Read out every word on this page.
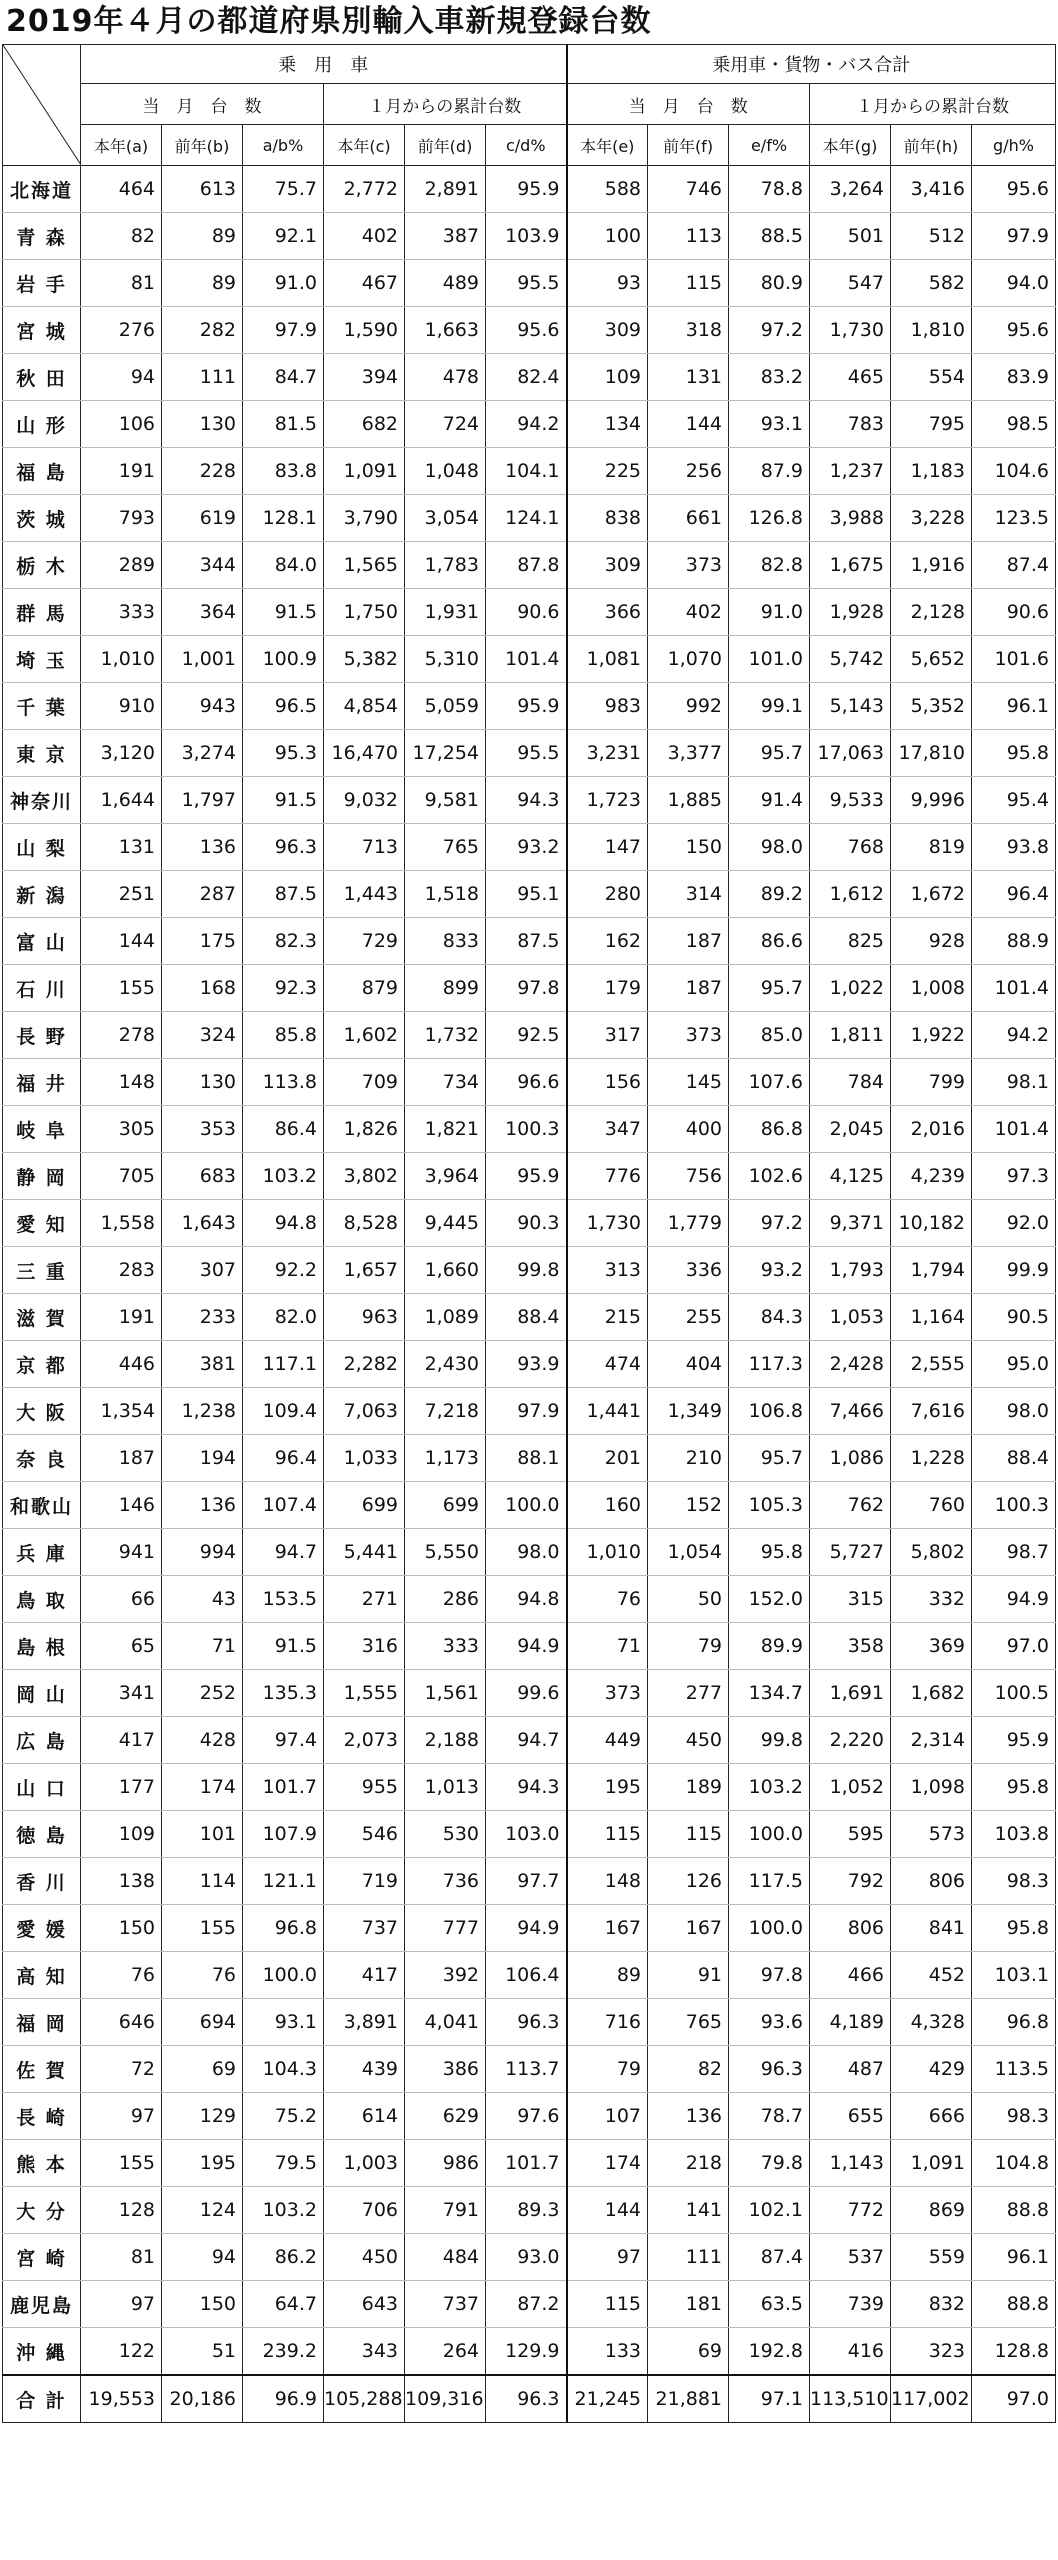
2019年４月の都道府県別輸入車新規登録台数
	乗　用　車						乗用車・貨物・バス合計					
	当　月　台　数			１月からの累計台数			当　月　台　数			１月からの累計台数		
	本年(a)	前年(b)	a/b%	本年(c)	前年(d)	c/d%	本年(e)	前年(f)	e/f%	本年(g)	前年(h)	g/h%
北海道	464	613	75.7	2,772	2,891	95.9	588	746	78.8	3,264	3,416	95.6
青 森	82	89	92.1	402	387	103.9	100	113	88.5	501	512	97.9
岩 手	81	89	91.0	467	489	95.5	93	115	80.9	547	582	94.0
宮 城	276	282	97.9	1,590	1,663	95.6	309	318	97.2	1,730	1,810	95.6
秋 田	94	111	84.7	394	478	82.4	109	131	83.2	465	554	83.9
山 形	106	130	81.5	682	724	94.2	134	144	93.1	783	795	98.5
福 島	191	228	83.8	1,091	1,048	104.1	225	256	87.9	1,237	1,183	104.6
茨 城	793	619	128.1	3,790	3,054	124.1	838	661	126.8	3,988	3,228	123.5
栃 木	289	344	84.0	1,565	1,783	87.8	309	373	82.8	1,675	1,916	87.4
群 馬	333	364	91.5	1,750	1,931	90.6	366	402	91.0	1,928	2,128	90.6
埼 玉	1,010	1,001	100.9	5,382	5,310	101.4	1,081	1,070	101.0	5,742	5,652	101.6
千 葉	910	943	96.5	4,854	5,059	95.9	983	992	99.1	5,143	5,352	96.1
東 京	3,120	3,274	95.3	16,470	17,254	95.5	3,231	3,377	95.7	17,063	17,810	95.8
神奈川	1,644	1,797	91.5	9,032	9,581	94.3	1,723	1,885	91.4	9,533	9,996	95.4
山 梨	131	136	96.3	713	765	93.2	147	150	98.0	768	819	93.8
新 潟	251	287	87.5	1,443	1,518	95.1	280	314	89.2	1,612	1,672	96.4
富 山	144	175	82.3	729	833	87.5	162	187	86.6	825	928	88.9
石 川	155	168	92.3	879	899	97.8	179	187	95.7	1,022	1,008	101.4
長 野	278	324	85.8	1,602	1,732	92.5	317	373	85.0	1,811	1,922	94.2
福 井	148	130	113.8	709	734	96.6	156	145	107.6	784	799	98.1
岐 阜	305	353	86.4	1,826	1,821	100.3	347	400	86.8	2,045	2,016	101.4
静 岡	705	683	103.2	3,802	3,964	95.9	776	756	102.6	4,125	4,239	97.3
愛 知	1,558	1,643	94.8	8,528	9,445	90.3	1,730	1,779	97.2	9,371	10,182	92.0
三 重	283	307	92.2	1,657	1,660	99.8	313	336	93.2	1,793	1,794	99.9
滋 賀	191	233	82.0	963	1,089	88.4	215	255	84.3	1,053	1,164	90.5
京 都	446	381	117.1	2,282	2,430	93.9	474	404	117.3	2,428	2,555	95.0
大 阪	1,354	1,238	109.4	7,063	7,218	97.9	1,441	1,349	106.8	7,466	7,616	98.0
奈 良	187	194	96.4	1,033	1,173	88.1	201	210	95.7	1,086	1,228	88.4
和歌山	146	136	107.4	699	699	100.0	160	152	105.3	762	760	100.3
兵 庫	941	994	94.7	5,441	5,550	98.0	1,010	1,054	95.8	5,727	5,802	98.7
鳥 取	66	43	153.5	271	286	94.8	76	50	152.0	315	332	94.9
島 根	65	71	91.5	316	333	94.9	71	79	89.9	358	369	97.0
岡 山	341	252	135.3	1,555	1,561	99.6	373	277	134.7	1,691	1,682	100.5
広 島	417	428	97.4	2,073	2,188	94.7	449	450	99.8	2,220	2,314	95.9
山 口	177	174	101.7	955	1,013	94.3	195	189	103.2	1,052	1,098	95.8
徳 島	109	101	107.9	546	530	103.0	115	115	100.0	595	573	103.8
香 川	138	114	121.1	719	736	97.7	148	126	117.5	792	806	98.3
愛 媛	150	155	96.8	737	777	94.9	167	167	100.0	806	841	95.8
高 知	76	76	100.0	417	392	106.4	89	91	97.8	466	452	103.1
福 岡	646	694	93.1	3,891	4,041	96.3	716	765	93.6	4,189	4,328	96.8
佐 賀	72	69	104.3	439	386	113.7	79	82	96.3	487	429	113.5
長 崎	97	129	75.2	614	629	97.6	107	136	78.7	655	666	98.3
熊 本	155	195	79.5	1,003	986	101.7	174	218	79.8	1,143	1,091	104.8
大 分	128	124	103.2	706	791	89.3	144	141	102.1	772	869	88.8
宮 崎	81	94	86.2	450	484	93.0	97	111	87.4	537	559	96.1
鹿児島	97	150	64.7	643	737	87.2	115	181	63.5	739	832	88.8
沖 縄	122	51	239.2	343	264	129.9	133	69	192.8	416	323	128.8
合 計	19,553	20,186	96.9	105,288	109,316	96.3	21,245	21,881	97.1	113,510	117,002	97.0
